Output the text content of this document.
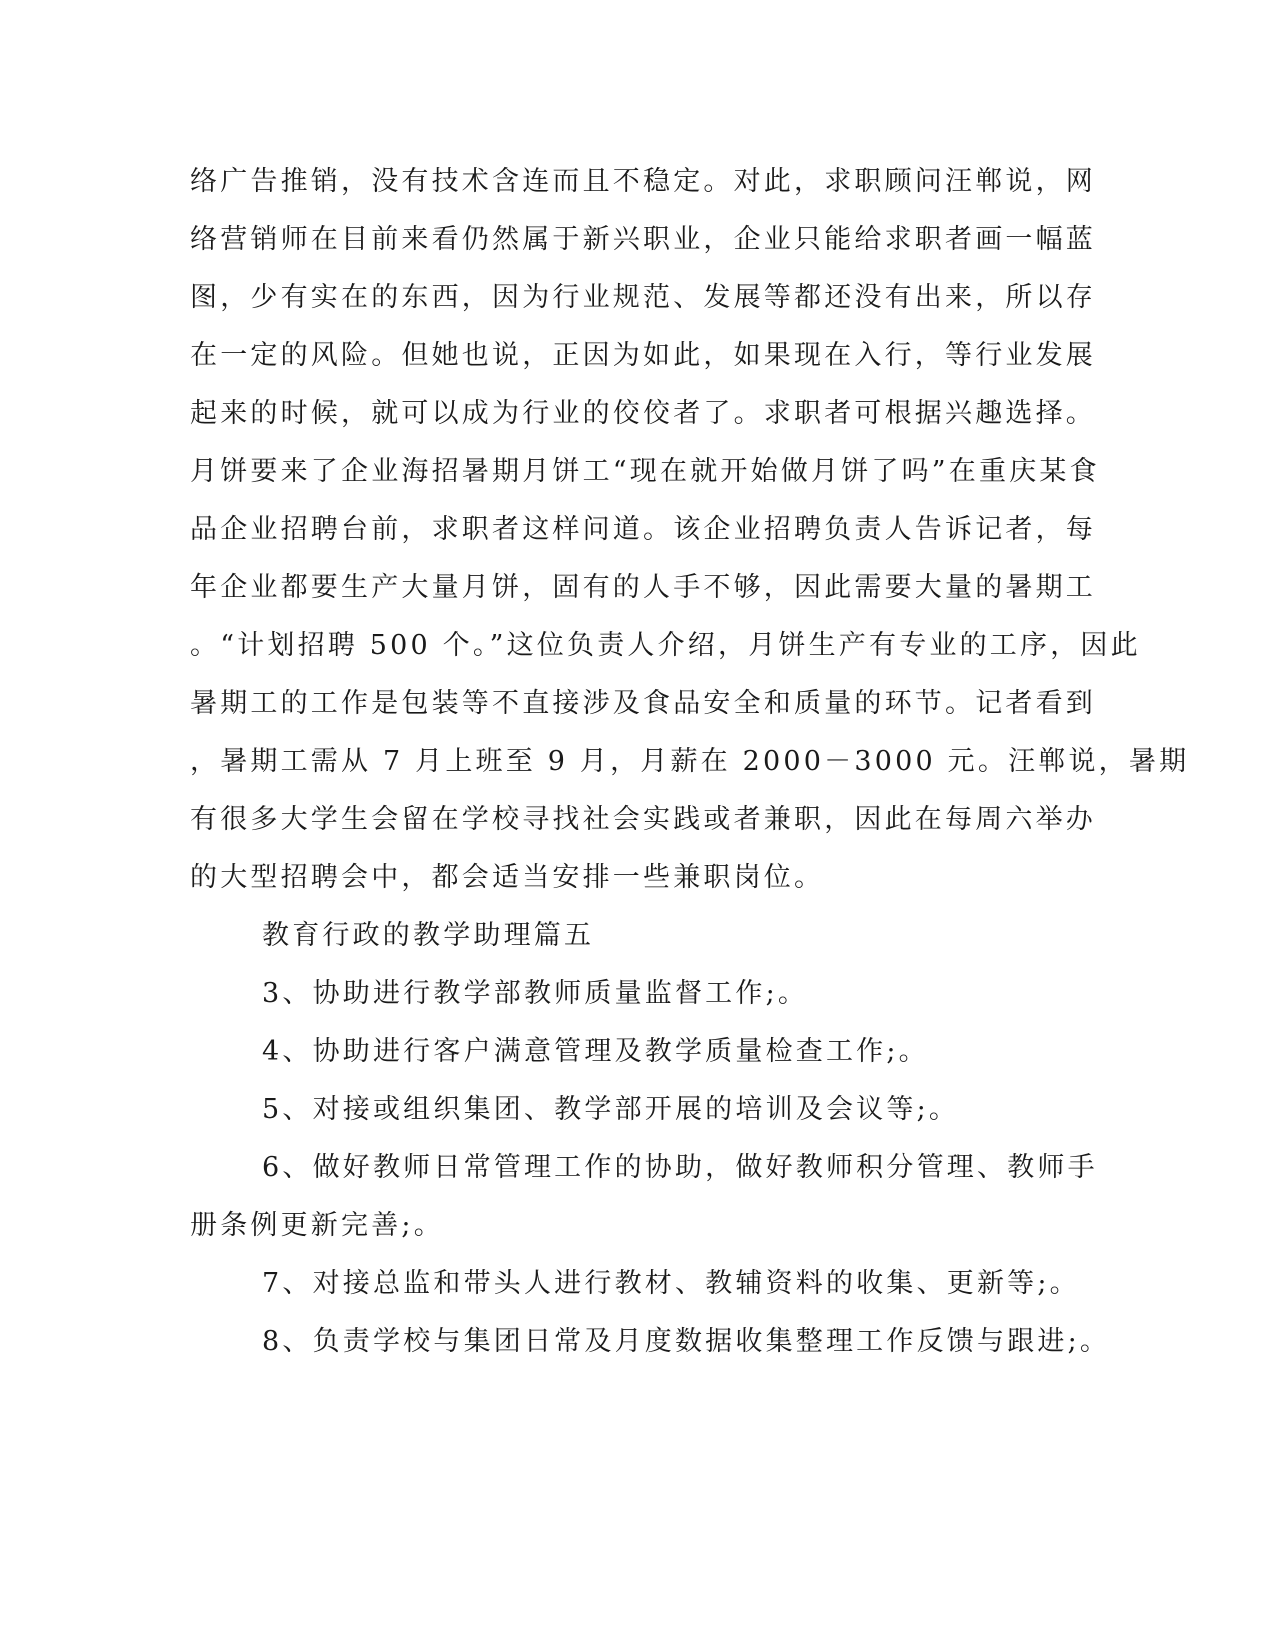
络广告推销，没有技术含连而且不稳定。对此，求职顾问汪郸说，网
络营销师在目前来看仍然属于新兴职业，企业只能给求职者画一幅蓝
图，少有实在的东西，因为行业规范、发展等都还没有出来，所以存
在一定的风险。但她也说，正因为如此，如果现在入行，等行业发展
起来的时候，就可以成为行业的佼佼者了。求职者可根据兴趣选择。
月饼要来了企业海招暑期月饼工“现在就开始做月饼了吗”在重庆某食
品企业招聘台前，求职者这样问道。该企业招聘负责人告诉记者，每
年企业都要生产大量月饼，固有的人手不够，因此需要大量的暑期工
。“计划招聘 500 个。”这位负责人介绍，月饼生产有专业的工序，因此
暑期工的工作是包装等不直接涉及食品安全和质量的环节。记者看到
，暑期工需从 7 月上班至 9 月，月薪在 2000－3000 元。汪郸说，暑期
有很多大学生会留在学校寻找社会实践或者兼职，因此在每周六举办
的大型招聘会中，都会适当安排一些兼职岗位。
教育行政的教学助理篇五
3、协助进行教学部教师质量监督工作;。
4、协助进行客户满意管理及教学质量检查工作;。
5、对接或组织集团、教学部开展的培训及会议等;。
6、做好教师日常管理工作的协助，做好教师积分管理、教师手
册条例更新完善;。
7、对接总监和带头人进行教材、教辅资料的收集、更新等;。
8、负责学校与集团日常及月度数据收集整理工作反馈与跟进;。
